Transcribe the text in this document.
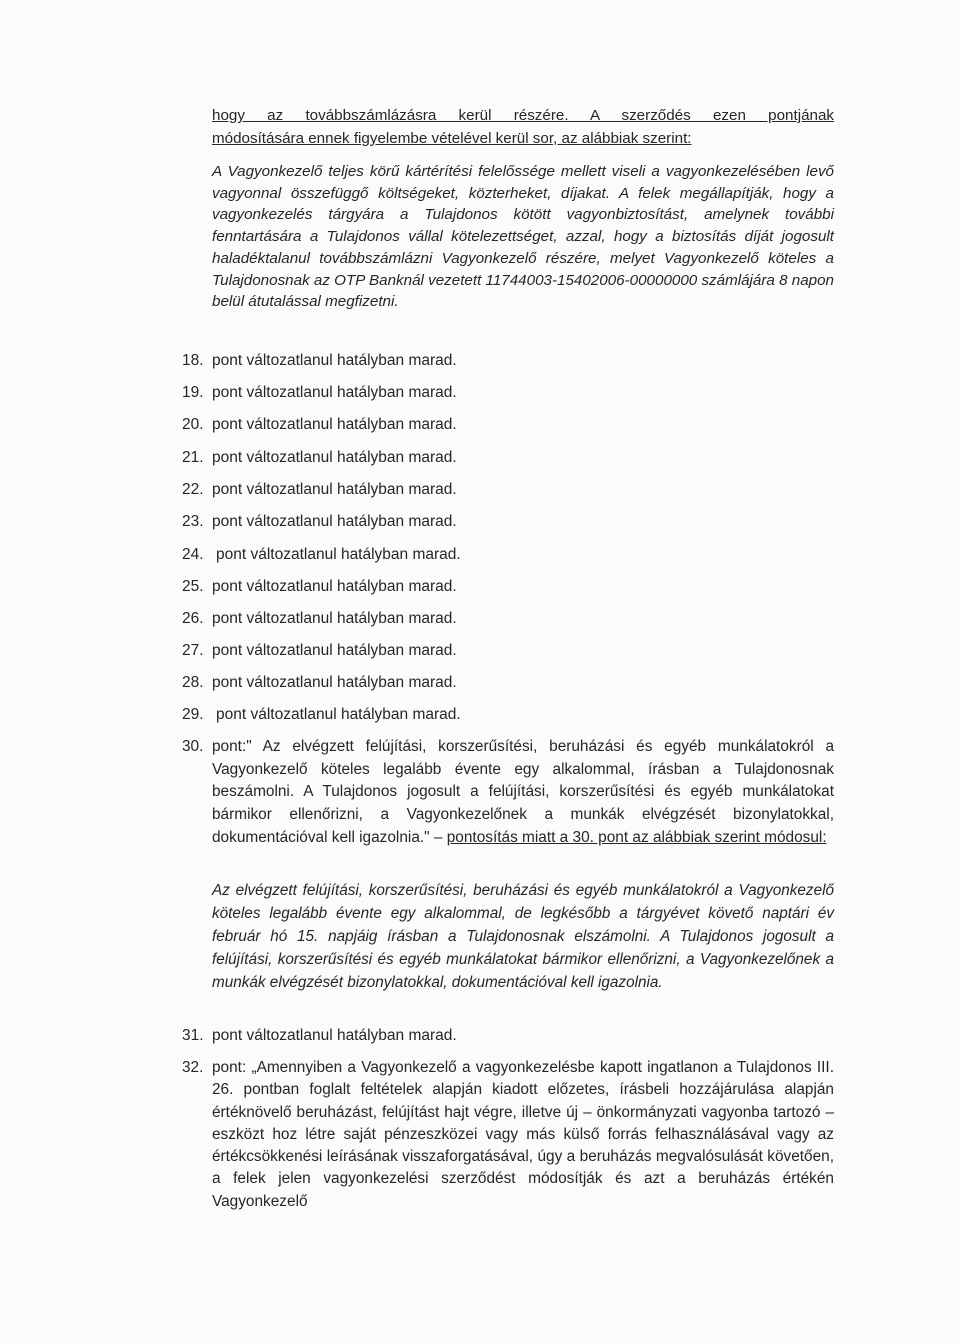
hogy az továbbszámlázásra kerül részére. A szerződés ezen pontjának
módosítására ennek figyelembe vételével kerül sor, az alábbiak szerint:
A Vagyonkezelő teljes körű kártérítési felelőssége mellett viseli a vagyonkezelésében levő vagyonnal összefüggő költségeket, közterheket, díjakat. A felek megállapítják, hogy a vagyonkezelés tárgyára a Tulajdonos kötött vagyonbiztosítást, amelynek további fenntartására a Tulajdonos vállal kötelezettséget, azzal, hogy a biztosítás díját jogosult haladéktalanul továbbszámlázni Vagyonkezelő részére, melyet Vagyonkezelő köteles a Tulajdonosnak az OTP Banknál vezetett 11744003-15402006-00000000 számlájára 8 napon belül átutalással megfizetni.
18. pont változatlanul hatályban marad.
19. pont változatlanul hatályban marad.
20. pont változatlanul hatályban marad.
21. pont változatlanul hatályban marad.
22. pont változatlanul hatályban marad.
23. pont változatlanul hatályban marad.
24. pont változatlanul hatályban marad.
25. pont változatlanul hatályban marad.
26. pont változatlanul hatályban marad.
27. pont változatlanul hatályban marad.
28. pont változatlanul hatályban marad.
29. pont változatlanul hatályban marad.
30. pont:" Az elvégzett felújítási, korszerűsítési, beruházási és egyéb munkálatokról a Vagyonkezelő köteles legalább évente egy alkalommal, írásban a Tulajdonosnak beszámolni. A Tulajdonos jogosult a felújítási, korszerűsítési és egyéb munkálatokat bármikor ellenőrizni, a Vagyonkezelőnek a munkák elvégzését bizonylatokkal, dokumentációval kell igazolnia." – pontosítás miatt a 30. pont az alábbiak szerint módosul:
Az elvégzett felújítási, korszerűsítési, beruházási és egyéb munkálatokról a Vagyonkezelő köteles legalább évente egy alkalommal, de legkésőbb a tárgyévet követő naptári év február hó 15. napjáig írásban a Tulajdonosnak elszámolni. A Tulajdonos jogosult a felújítási, korszerűsítési és egyéb munkálatokat bármikor ellenőrizni, a Vagyonkezelőnek a munkák elvégzését bizonylatokkal, dokumentációval kell igazolnia.
31. pont változatlanul hatályban marad.
32. pont: „Amennyiben a Vagyonkezelő a vagyonkezelésbe kapott ingatlanon a Tulajdonos III. 26. pontban foglalt feltételek alapján kiadott előzetes, írásbeli hozzájárulása alapján értéknövelő beruházást, felújítást hajt végre, illetve új – önkormányzati vagyonba tartozó – eszközt hoz létre saját pénzeszközei vagy más külső forrás felhasználásával vagy az értékcsökkenési leírásának visszaforgatásával, úgy a beruházás megvalósulását követően, a felek jelen vagyonkezelési szerződést módosítják és azt a beruházás értékén Vagyonkezelő
